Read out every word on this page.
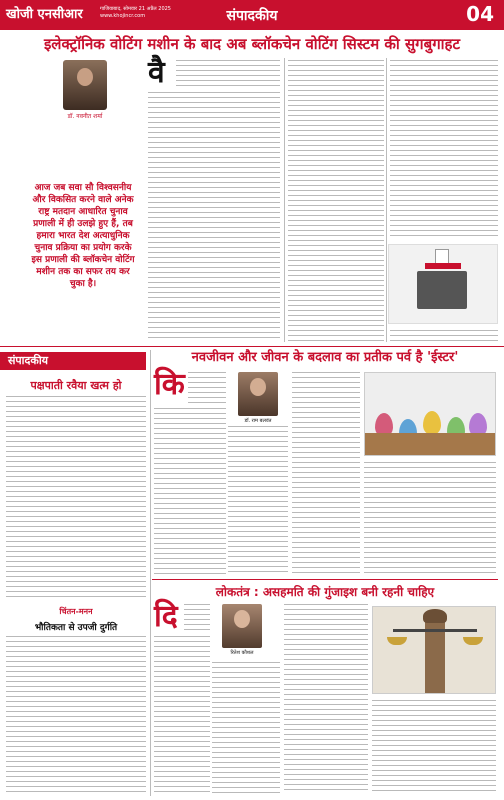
खोजी एनसीआर	गाजियाबाद, सोमवार 21 अप्रैल 2025
www.khojincr.com	संपादकीय	04
इलेक्ट्रॉनिक वोटिंग मशीन के बाद अब ब्लॉकचेन वोटिंग सिस्टम की सुगबुगाहट
डॉ. नवनीत शर्मा
आज जब सवा सौ विश्वसनीय और विकसित करने वाले अनेक राष्ट्र मतदान आधारित चुनाव प्रणाली में ही उलझे हुए हैं, तब हमारा भारत देश अत्याधुनिक चुनाव प्रक्रिया का प्रयोग करके इस प्रणाली की ब्लॉकचेन वोटिंग मशीन तक का सफर तय कर चुका है।
वै
संपादकीय
पक्षपाती रवैया खत्म हो
चिंतन-मनन
भौतिकता से उपजी दुर्गति
नवजीवन और जीवन के बदलाव का प्रतीक पर्व है 'ईस्टर'
कि
डॉ. राम बलवंत
लोकतंत्र : असहमति की गुंजाइश बनी रहनी चाहिए
दि
रितेश कौशल
